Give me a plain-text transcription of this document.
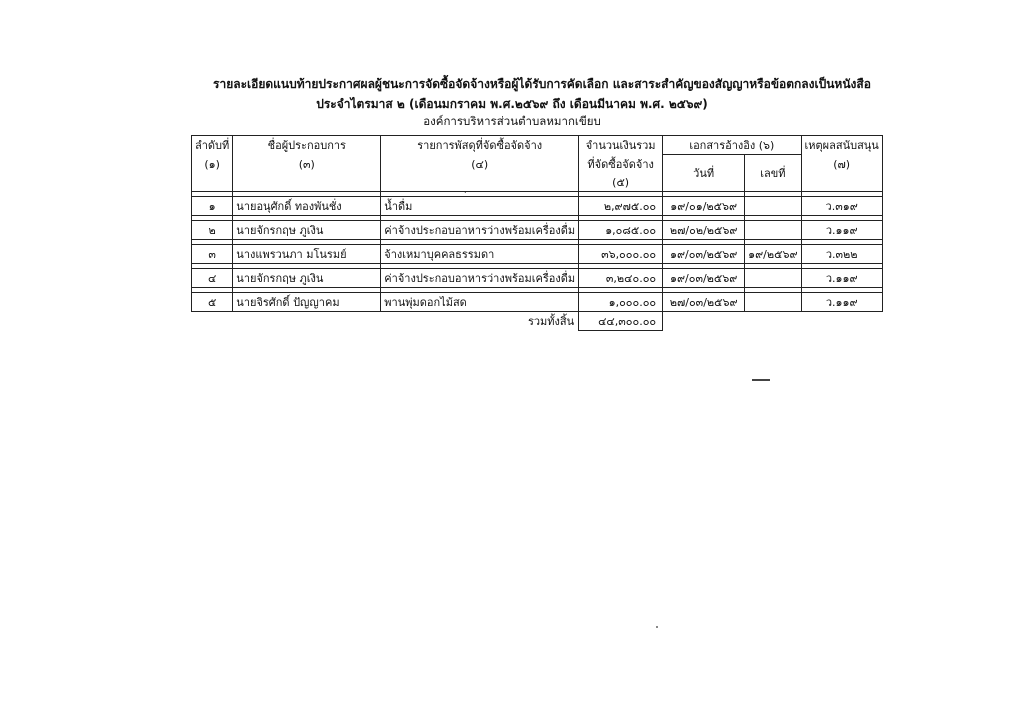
รายละเอียดแนบท้ายประกาศผลผู้ชนะการจัดซื้อจัดจ้างหรือผู้ได้รับการคัดเลือก และสาระสำคัญของสัญญาหรือข้อตกลงเป็นหนังสือ
ประจำไตรมาส ๒ (เดือนมกราคม พ.ศ.๒๕๖๙ ถึง เดือนมีนาคม พ.ศ. ๒๕๖๙)
องค์การบริหารส่วนตำบลหมากเขียบ
ลำดับที่	ชื่อผู้ประกอบการ	รายการพัสดุที่จัดซื้อจัดจ้าง	จำนวนเงินรวม	เอกสารอ้างอิง (๖)		เหตุผลสนับสนุน
(๑)	(๓)	(๔)	ที่จัดซื้อจัดจ้าง	วันที่	เลขที่	(๗)
			(๕)			

๑	นายอนุศักดิ์ ทองพันชั่ง	น้ำดื่ม	๒,๙๗๕.๐๐	๑๙/๐๑/๒๕๖๙		ว.๓๑๙

๒	นายจักรกฤษ ภูเงิน	ค่าจ้างประกอบอาหารว่างพร้อมเครื่องดื่ม	๑,๐๘๕.๐๐	๒๗/๐๒/๒๕๖๙		ว.๑๑๙

๓	นางแพรวนภา มโนรมย์	จ้างเหมาบุคคลธรรมดา	๓๖,๐๐๐.๐๐	๑๙/๐๓/๒๕๖๙	๑๙/๒๕๖๙	ว.๓๒๒

๔	นายจักรกฤษ ภูเงิน	ค่าจ้างประกอบอาหารว่างพร้อมเครื่องดื่ม	๓,๒๔๐.๐๐	๑๙/๐๓/๒๕๖๙		ว.๑๑๙

๕	นายจิรศักดิ์ ปัญญาคม	พานพุ่มดอกไม้สด	๑,๐๐๐.๐๐	๒๗/๐๓/๒๕๖๙		ว.๑๑๙
		รวมทั้งสิ้น	๔๔,๓๐๐.๐๐			
.
